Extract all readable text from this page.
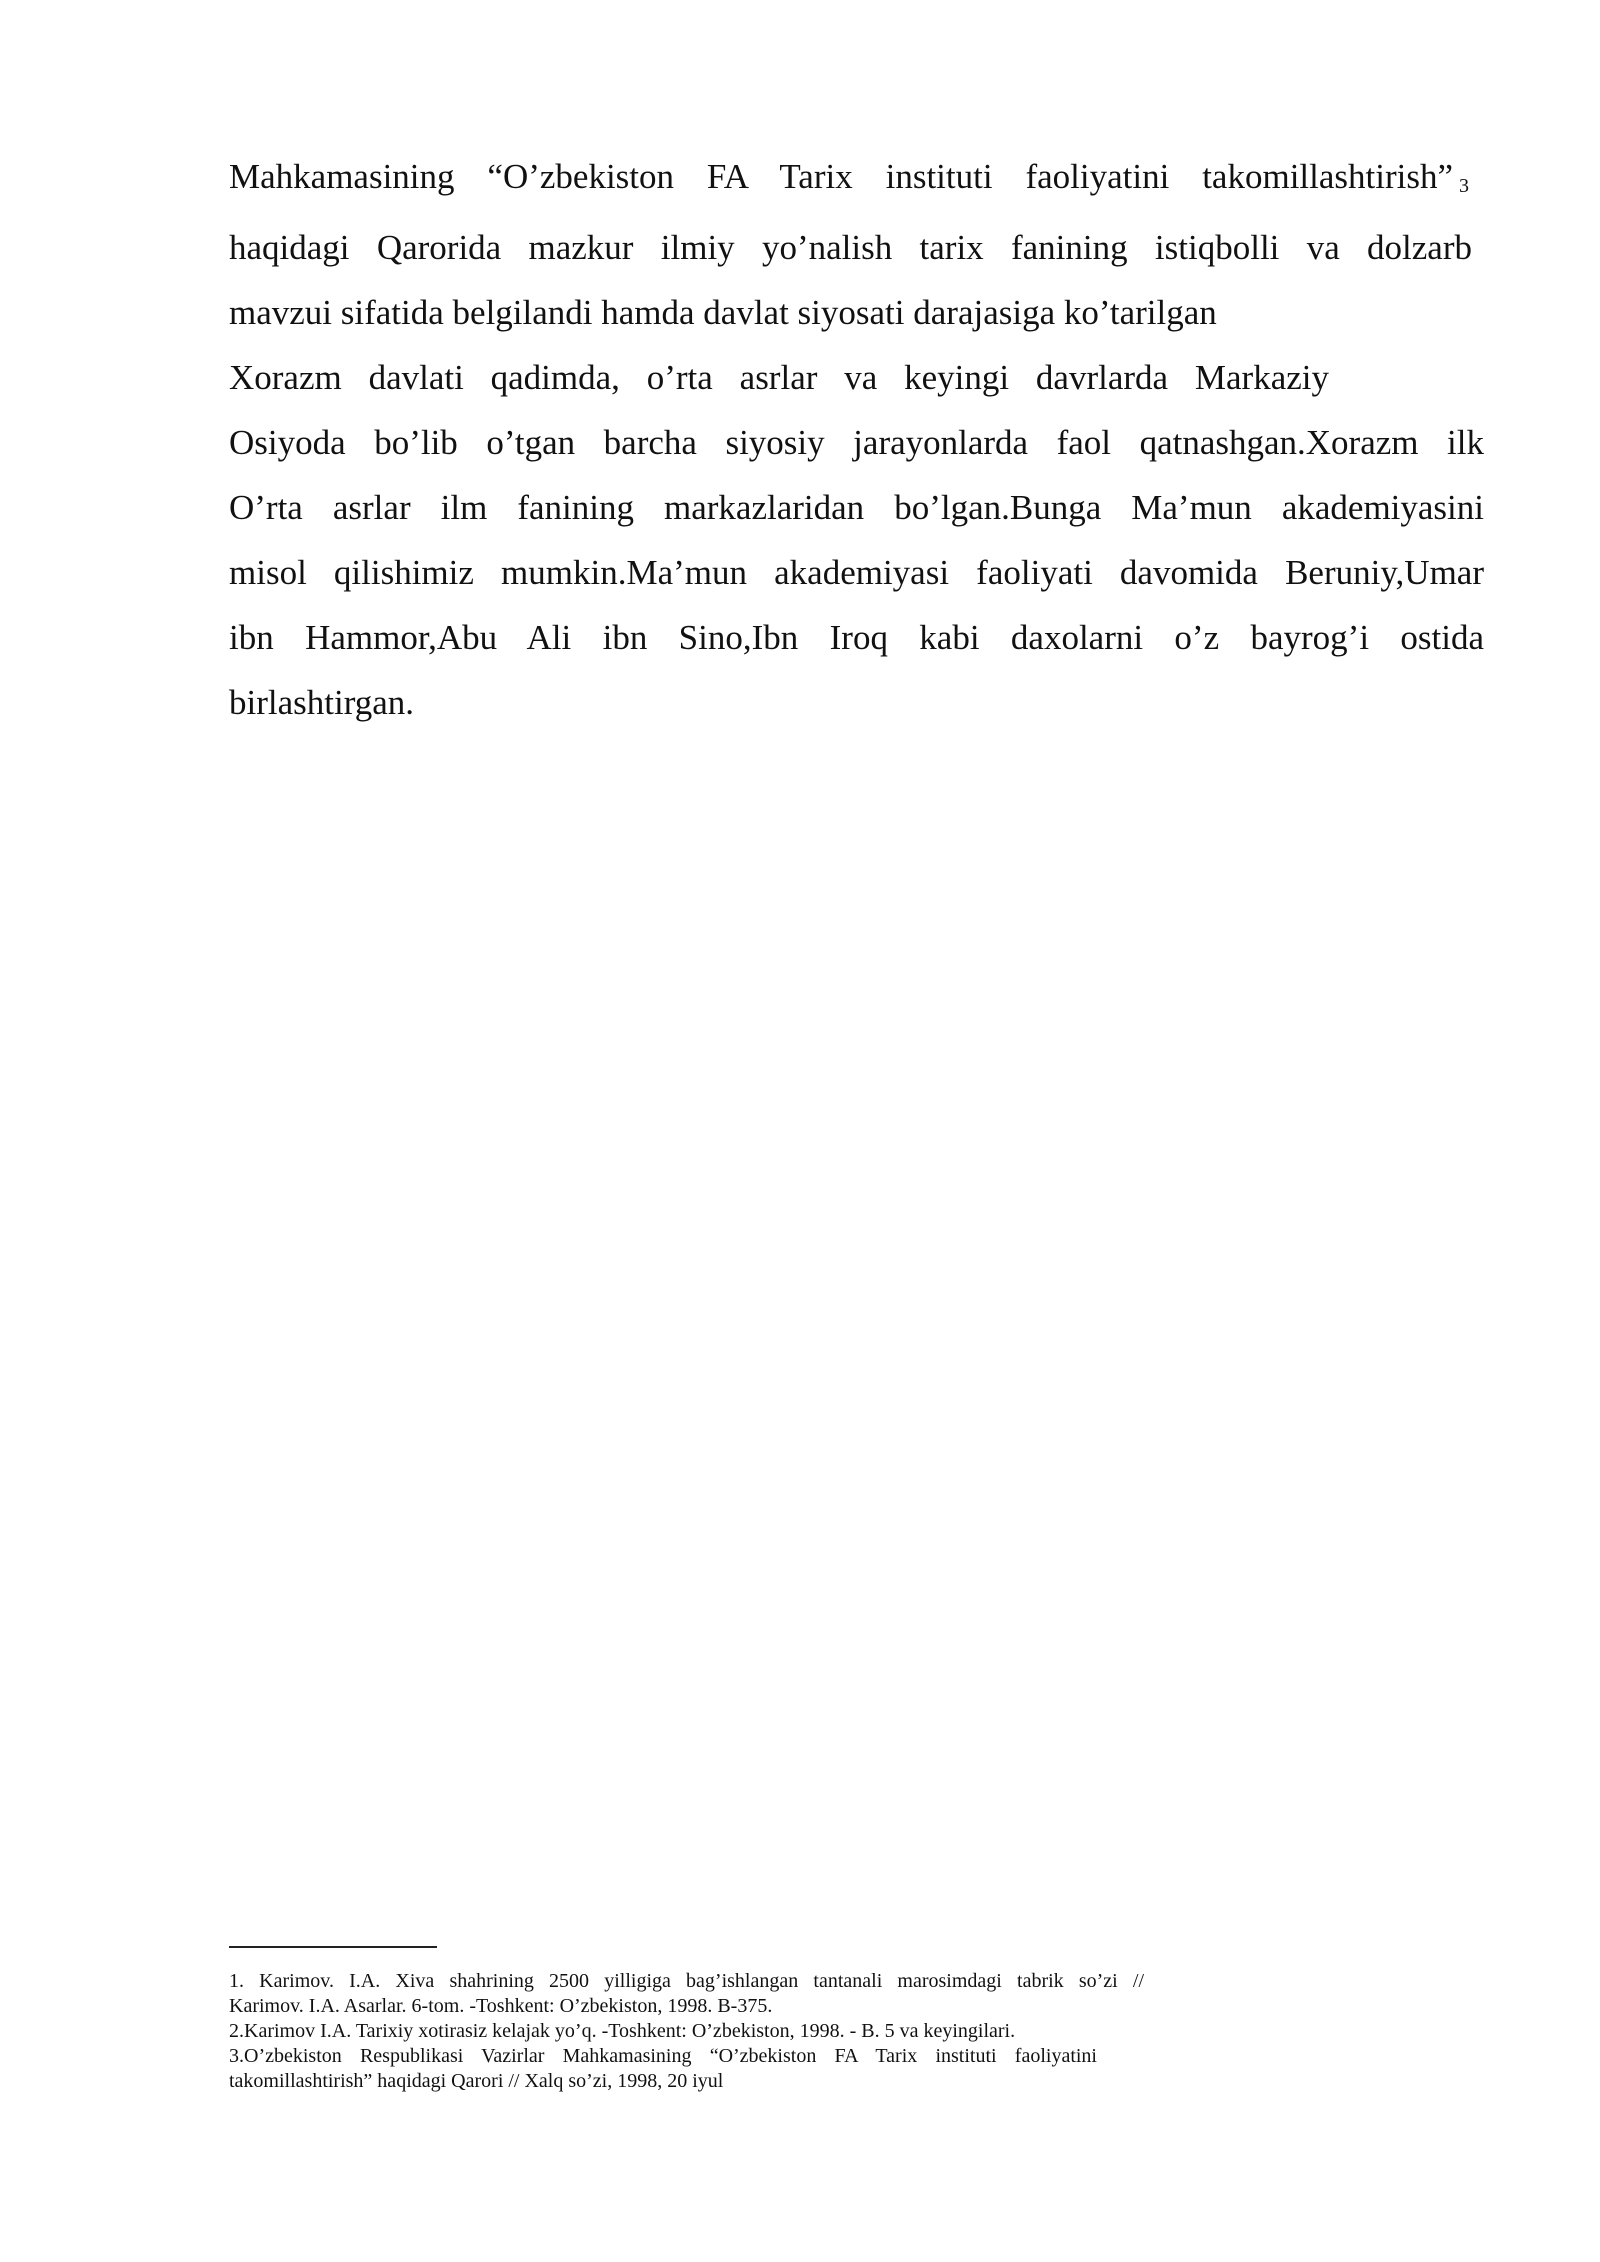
Mahkamasining “O’zbekiston FA Tarix instituti faoliyatini takomillashtirish” 3
haqidagi Qarorida mazkur ilmiy yo’nalish tarix fanining istiqbolli va dolzarb
mavzui sifatida belgilandi hamda davlat siyosati darajasiga ko’tarilgan
Xorazm davlati qadimda, o’rta asrlar va keyingi davrlarda Markaziy
Osiyoda bo’lib o’tgan barcha siyosiy jarayonlarda faol qatnashgan.Xorazm ilk
O’rta asrlar ilm fanining markazlaridan bo’lgan.Bunga Ma’mun akademiyasini
misol qilishimiz mumkin.Ma’mun akademiyasi faoliyati davomida Beruniy,Umar
ibn Hammor,Abu Ali ibn Sino,Ibn Iroq kabi daxolarni o’z bayrog’i ostida
birlashtirgan.
1. Karimov. I.A. Xiva shahrining 2500 yilligiga bag’ishlangan tantanali marosimdagi tabrik so’zi //
Karimov. I.A. Asarlar. 6-tom. -Toshkent: O’zbekiston, 1998. B-375.
2.Karimov I.A. Tarixiy xotirasiz kelajak yo’q. -Toshkent: O’zbekiston, 1998. - B. 5 va keyingilari.
3.O’zbekiston Respublikasi Vazirlar Mahkamasining “O’zbekiston FA Tarix instituti faoliyatini
takomillashtirish” haqidagi Qarori // Xalq so’zi, 1998, 20 iyul
